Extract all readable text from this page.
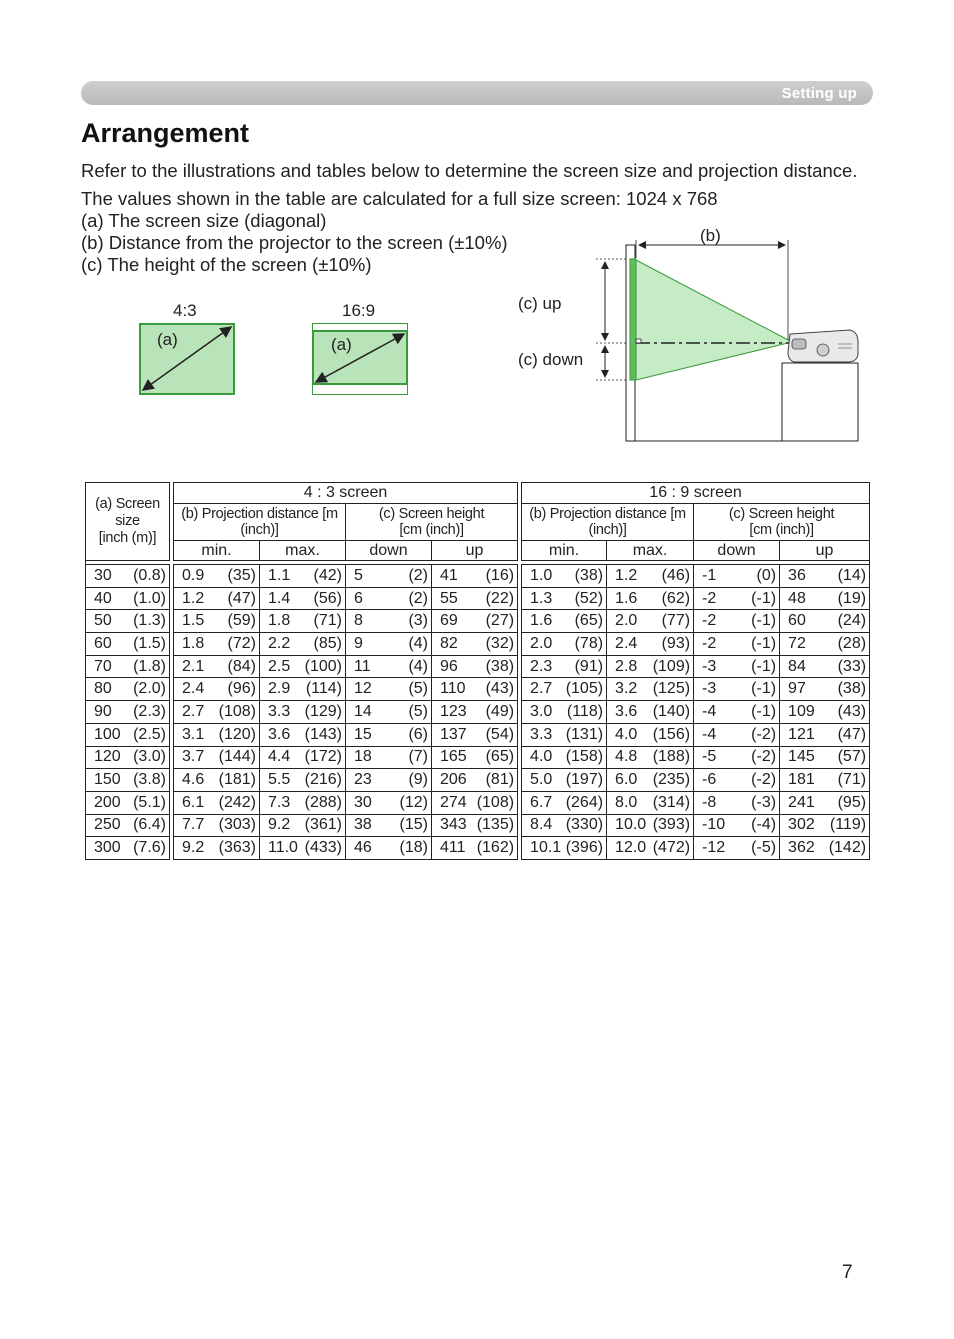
Setting up
Arrangement

Refer to the illustrations and tables below to determine the screen size and projection distance.

The values shown in the table are calculated for a full size screen: 1024 x 768

(a) The screen size (diagonal)

(b) Distance from the projector to the screen (±10%)

(c) The height of the screen (±10%)

4:3
(a)
16:9
(a)
(b)
(c) up
(c) down
(a) Screen
size
[inch (m)]		4 : 3 screen					16 : 9 screen			
		(b) Projection distance [m
(inch)]		(c) Screen height
[cm (inch)]			(b) Projection distance [m
(inch)]		(c) Screen height
[cm (inch)]	
		min.	max.	down	up		min.	max.	down	up

30 (0.8)		0.9 (35)	1.1 (42)	5 (2)	41 (16)		1.0 (38)	1.2 (46)	-1 (0)	36 (14)

40 (1.0)		1.2 (47)	1.4 (56)	6 (2)	55 (22)		1.3 (52)	1.6 (62)	-2 (-1)	48 (19)

50 (1.3)		1.5 (59)	1.8 (71)	8 (3)	69 (27)		1.6 (65)	2.0 (77)	-2 (-1)	60 (24)

60 (1.5)		1.8 (72)	2.2 (85)	9 (4)	82 (32)		2.0 (78)	2.4 (93)	-2 (-1)	72 (28)

70 (1.8)		2.1 (84)	2.5 (100)	11 (4)	96 (38)		2.3 (91)	2.8 (109)	-3 (-1)	84 (33)

80 (2.0)		2.4 (96)	2.9 (114)	12 (5)	110 (43)		2.7 (105)	3.2 (125)	-3 (-1)	97 (38)

90 (2.3)		2.7 (108)	3.3 (129)	14 (5)	123 (49)		3.0 (118)	3.6 (140)	-4 (-1)	109 (43)

100 (2.5)		3.1 (120)	3.6 (143)	15 (6)	137 (54)		3.3 (131)	4.0 (156)	-4 (-2)	121 (47)

120 (3.0)		3.7 (144)	4.4 (172)	18 (7)	165 (65)		4.0 (158)	4.8 (188)	-5 (-2)	145 (57)

150 (3.8)		4.6 (181)	5.5 (216)	23 (9)	206 (81)		5.0 (197)	6.0 (235)	-6 (-2)	181 (71)

200 (5.1)		6.1 (242)	7.3 (288)	30 (12)	274 (108)		6.7 (264)	8.0 (314)	-8 (-3)	241 (95)

250 (6.4)		7.7 (303)	9.2 (361)	38 (15)	343 (135)		8.4 (330)	10.0 (393)	-10 (-4)	302 (119)

300 (7.6)		9.2 (363)	11.0 (433)	46 (18)	411 (162)		10.1 (396)	12.0 (472)	-12 (-5)	362 (142)
7
